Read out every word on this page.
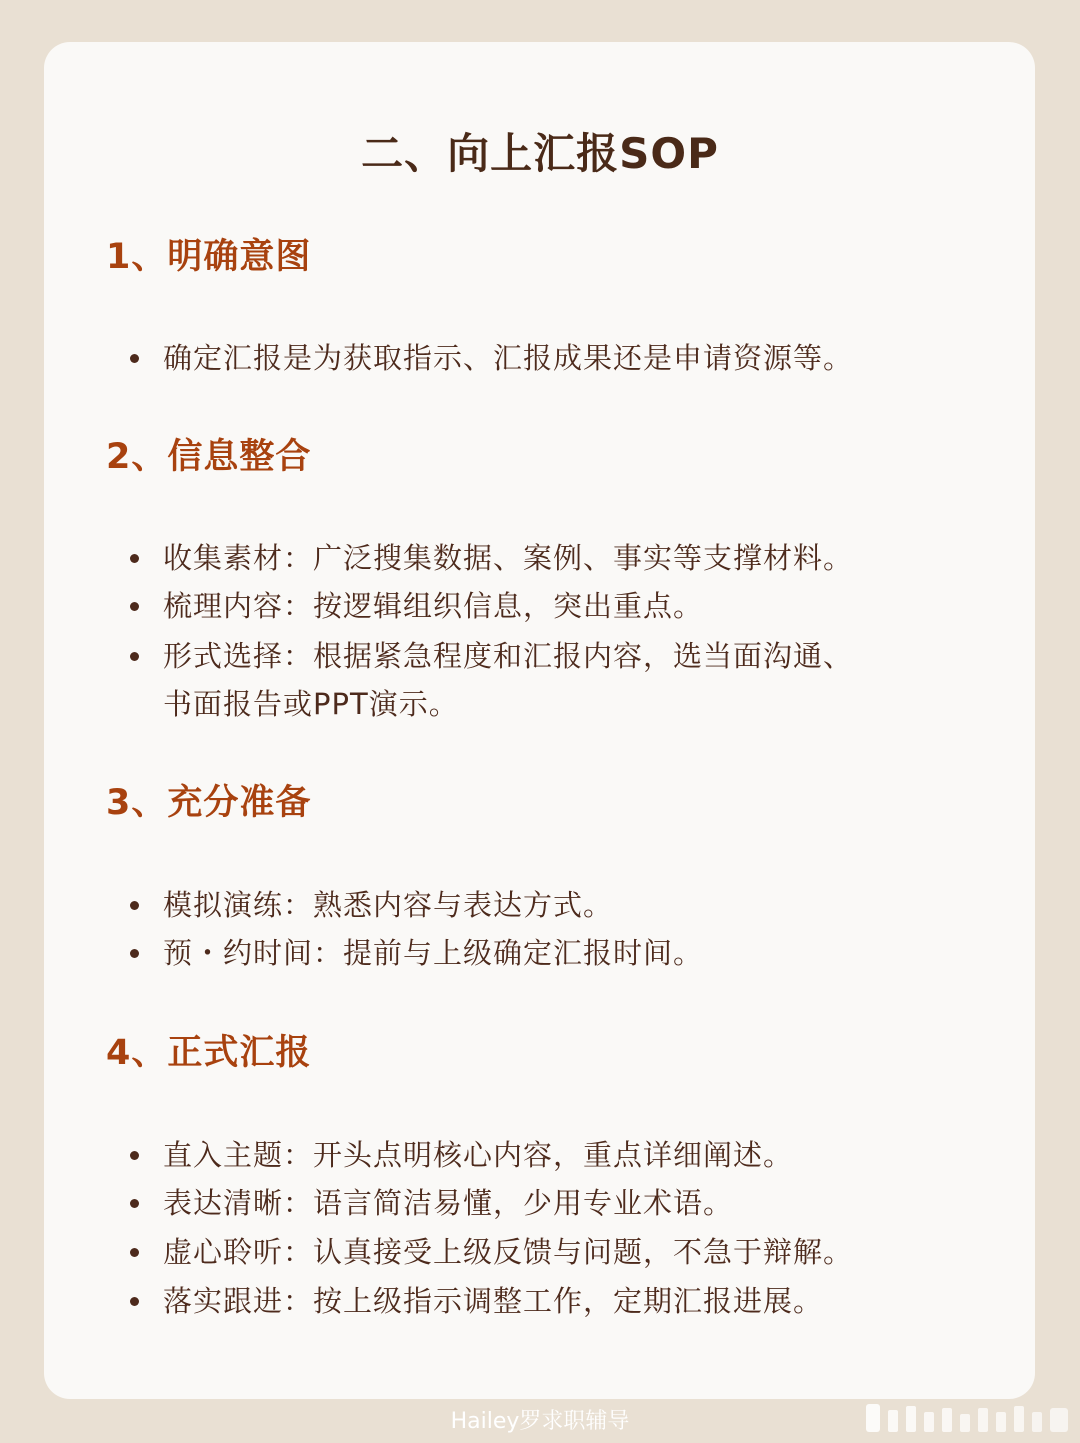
二、向上汇报SOP
1、明确意图
确定汇报是为获取指示、汇报成果还是申请资源等。
2、信息整合
收集素材：广泛搜集数据、案例、事实等支撑材料。
梳理内容：按逻辑组织信息，突出重点。
形式选择：根据紧急程度和汇报内容，选当面沟通、
书面报告或PPT演示。
3、充分准备
模拟演练：熟悉内容与表达方式。
预・约时间：提前与上级确定汇报时间。
4、正式汇报
直入主题：开头点明核心内容，重点详细阐述。
表达清晰：语言简洁易懂，少用专业术语。
虚心聆听：认真接受上级反馈与问题，不急于辩解。
落实跟进：按上级指示调整工作，定期汇报进展。
Hailey罗求职辅导
